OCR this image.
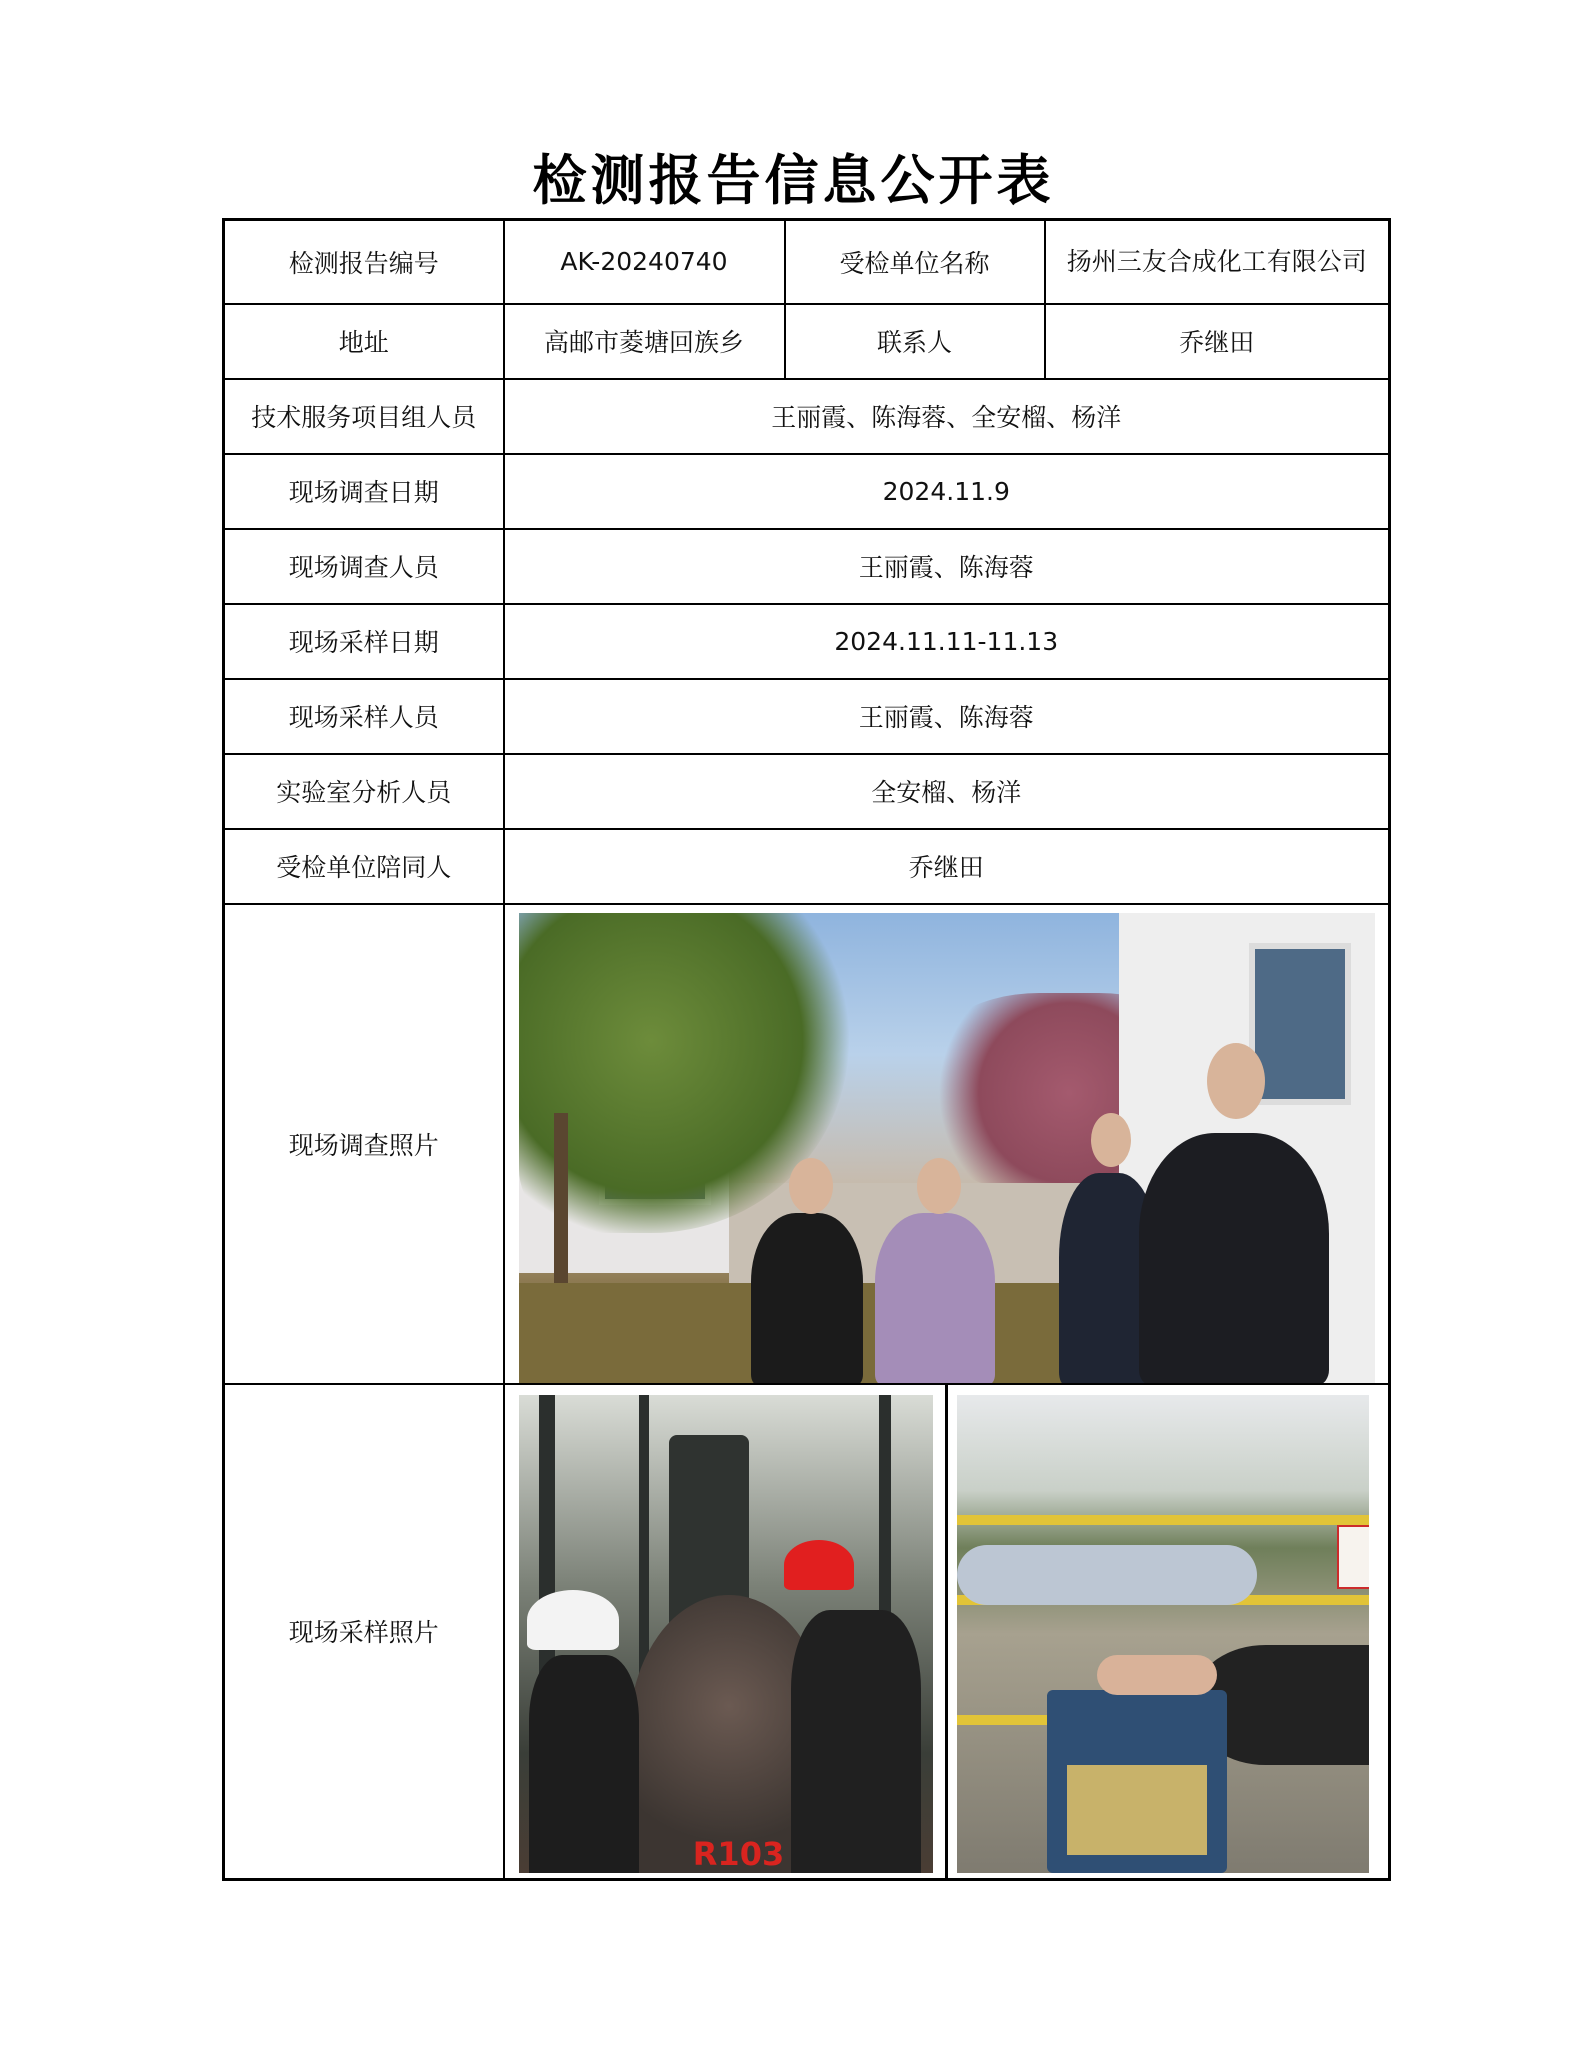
检测报告信息公开表
检测报告编号	AK-20240740	受检单位名称	扬州三友合成化工有限公司
地址	高邮市菱塘回族乡	联系人	乔继田
技术服务项目组人员	王丽霞、陈海蓉、全安榴、杨洋		
现场调查日期	2024.11.9		
现场调查人员	王丽霞、陈海蓉		
现场采样日期	2024.11.11-11.13		
现场采样人员	王丽霞、陈海蓉		
实验室分析人员	全安榴、杨洋		
受检单位陪同人	乔继田		
现场调查照片			

现场采样照片	R103		
